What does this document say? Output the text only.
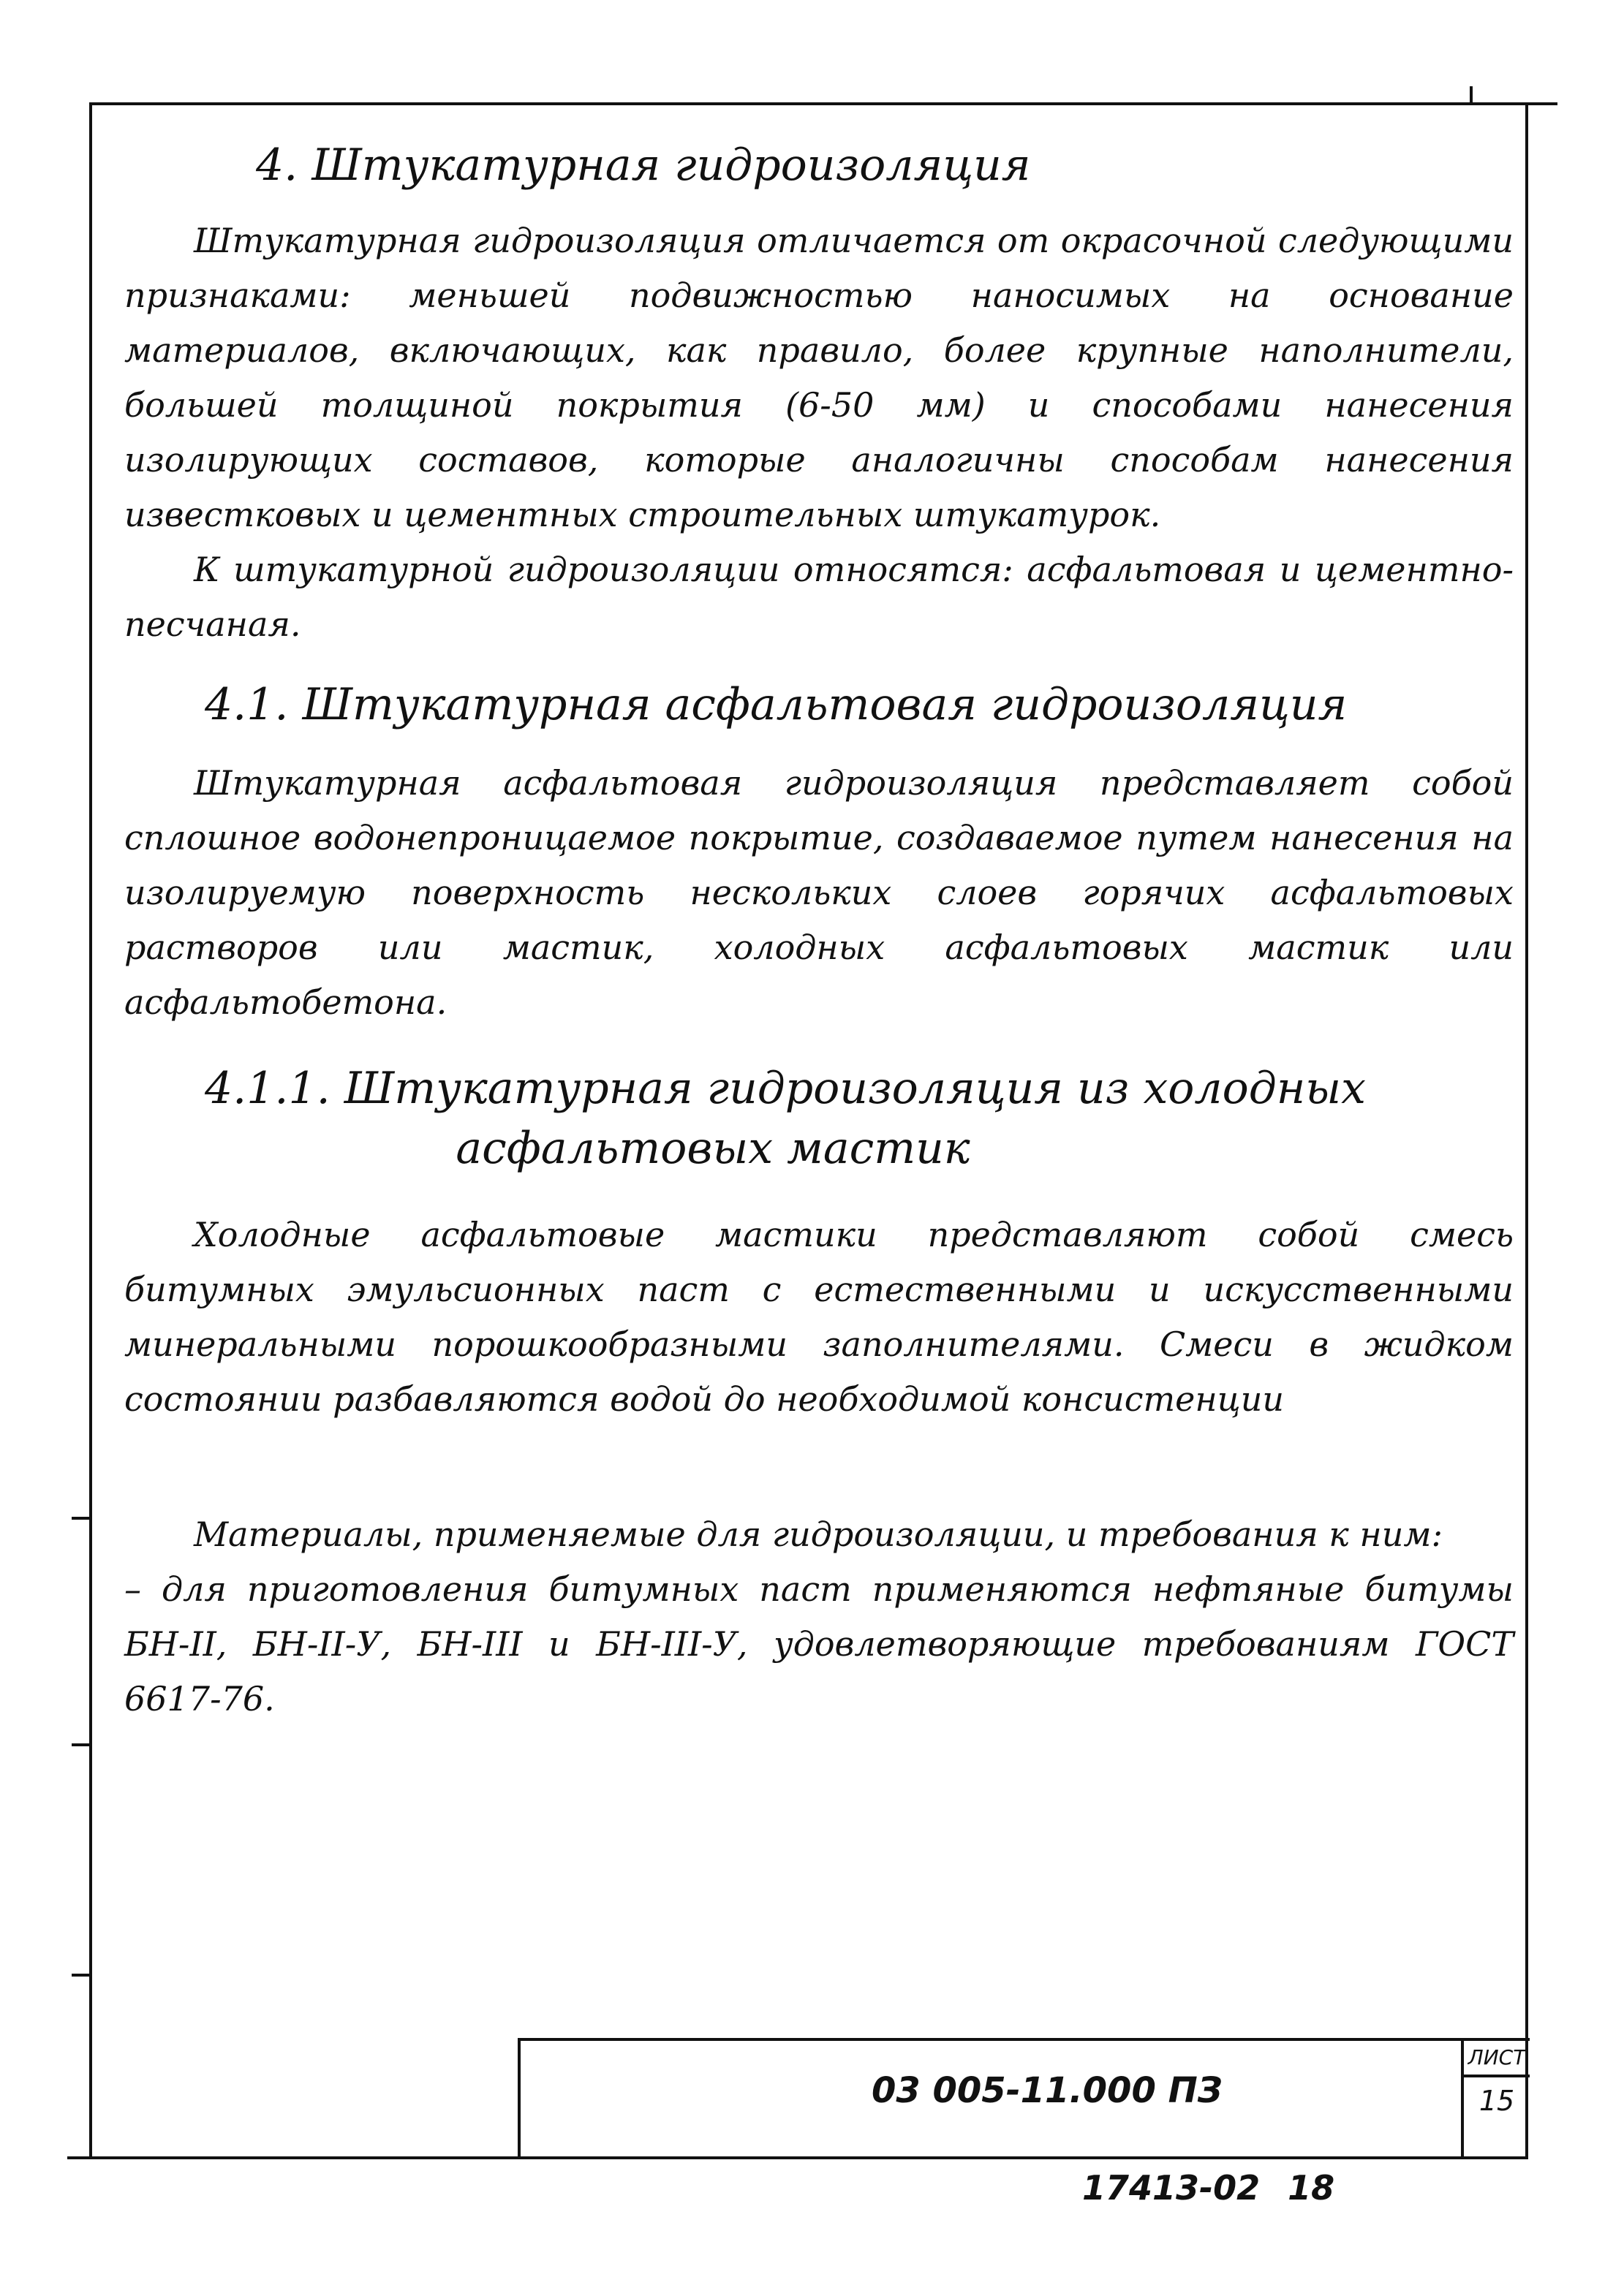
4. Штукатурная гидроизоляция

Штукатурная гидроизоляция отличается от окрасочной следующими признаками: меньшей подвижностью наносимых на основание материалов, включающих, как правило, более крупные наполнители, большей толщиной покрытия (6-50 мм) и способами нанесения изолирующих составов, которые аналогичны способам нанесения известковых и цементных строительных штукатурок.

К штукатурной гидроизоляции относятся: асфальтовая и цементно-песчаная.

4.1. Штукатурная асфальтовая гидроизоляция

Штукатурная асфальтовая гидроизоляция представляет собой сплошное водонепроницаемое покрытие, создаваемое путем нанесения на изолируемую поверхность нескольких слоев горячих асфальтовых растворов или мастик, холодных асфальтовых мастик или асфальтобетона.

4.1.1. Штукатурная гидроизоляция из холодных
асфальтовых мастик

Холодные асфальтовые мастики представляют собой смесь битумных эмульсионных паст с естественными и искусственными минеральными порошкообразными заполнителями. Смеси в жидком состоянии разбавляются водой до необходимой консистенции

Материалы, применяемые для гидроизоляции, и требования к ним:

– для приготовления битумных паст применяются нефтяные битумы БН-II, БН-II-У, БН-III и БН-III-У, удовлетворяющие требованиям ГОСТ 6617-76.

03 005-11.000 ПЗ
ЛИСТ
15
17413-02 18
